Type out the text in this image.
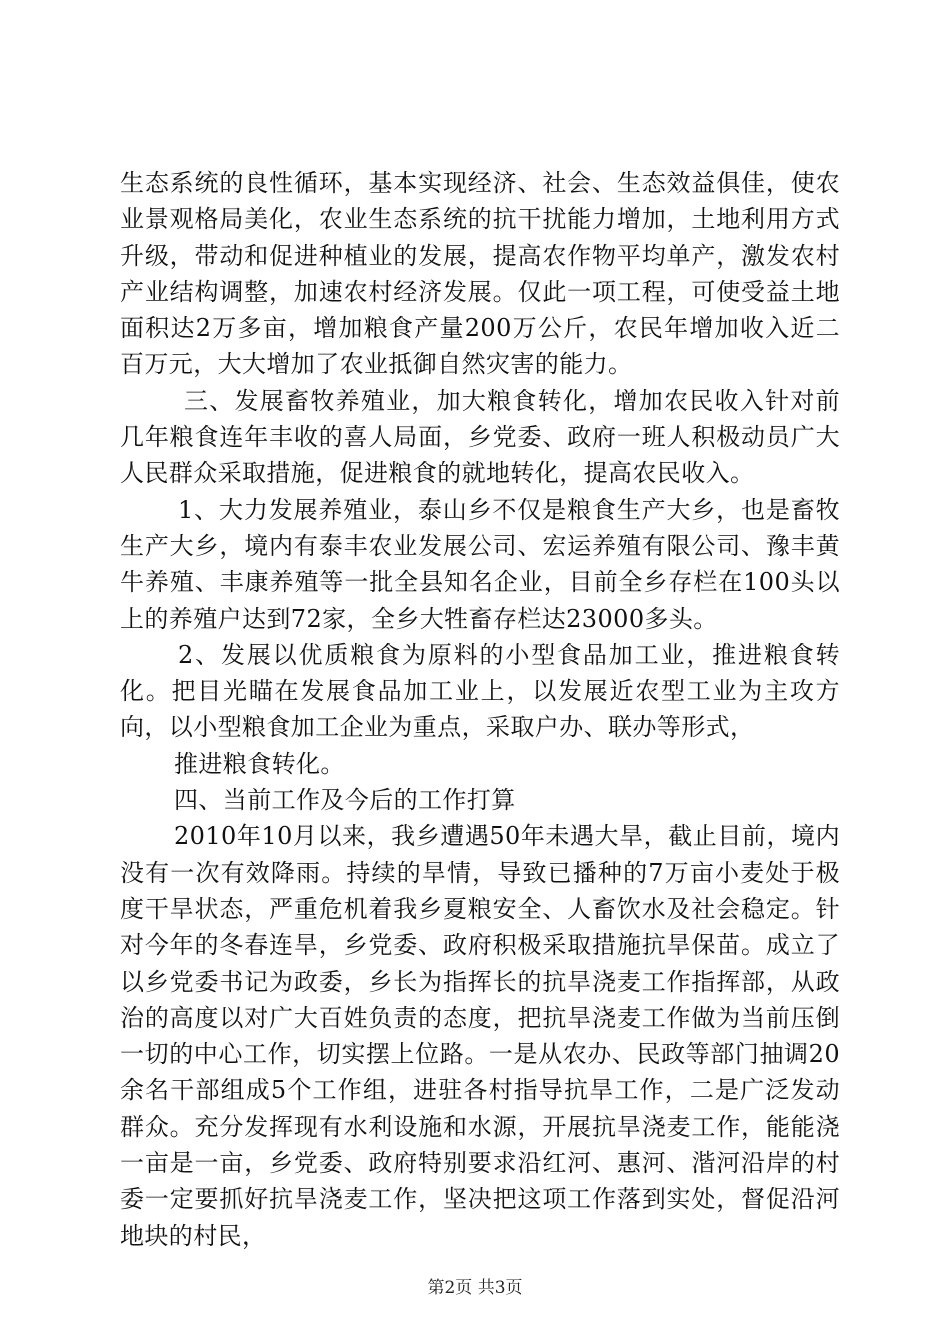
生态系统的良性循环，基本实现经济、社会、生态效益俱佳，使农业景观格局美化，农业生态系统的抗干扰能力增加，土地利用方式升级，带动和促进种植业的发展，提高农作物平均单产，激发农村产业结构调整，加速农村经济发展。仅此一项工程，可使受益土地面积达2万多亩，增加粮食产量200万公斤，农民年增加收入近二百万元，大大增加了农业抵御自然灾害的能力。

三、发展畜牧养殖业，加大粮食转化，增加农民收入针对前几年粮食连年丰收的喜人局面，乡党委、政府一班人积极动员广大人民群众采取措施，促进粮食的就地转化，提高农民收入。

1、大力发展养殖业，泰山乡不仅是粮食生产大乡，也是畜牧生产大乡，境内有泰丰农业发展公司、宏运养殖有限公司、豫丰黄牛养殖、丰康养殖等一批全县知名企业，目前全乡存栏在100头以上的养殖户达到72家，全乡大牲畜存栏达23000多头。

2、发展以优质粮食为原料的小型食品加工业，推进粮食转化。把目光瞄在发展食品加工业上，以发展近农型工业为主攻方向，以小型粮食加工企业为重点，采取户办、联办等形式，

推进粮食转化。

四、当前工作及今后的工作打算

2010年10月以来，我乡遭遇50年未遇大旱，截止目前，境内没有一次有效降雨。持续的旱情，导致已播种的7万亩小麦处于极度干旱状态，严重危机着我乡夏粮安全、人畜饮水及社会稳定。针对今年的冬春连旱，乡党委、政府积极采取措施抗旱保苗。成立了以乡党委书记为政委，乡长为指挥长的抗旱浇麦工作指挥部，从政治的高度以对广大百姓负责的态度，把抗旱浇麦工作做为当前压倒一切的中心工作，切实摆上位路。一是从农办、民政等部门抽调20余名干部组成5个工作组，进驻各村指导抗旱工作，二是广泛发动群众。充分发挥现有水利设施和水源，开展抗旱浇麦工作，能能浇一亩是一亩，乡党委、政府特别要求沿红河、惠河、湝河沿岸的村委一定要抓好抗旱浇麦工作，坚决把这项工作落到实处，督促沿河地块的村民，

第2页 共3页
